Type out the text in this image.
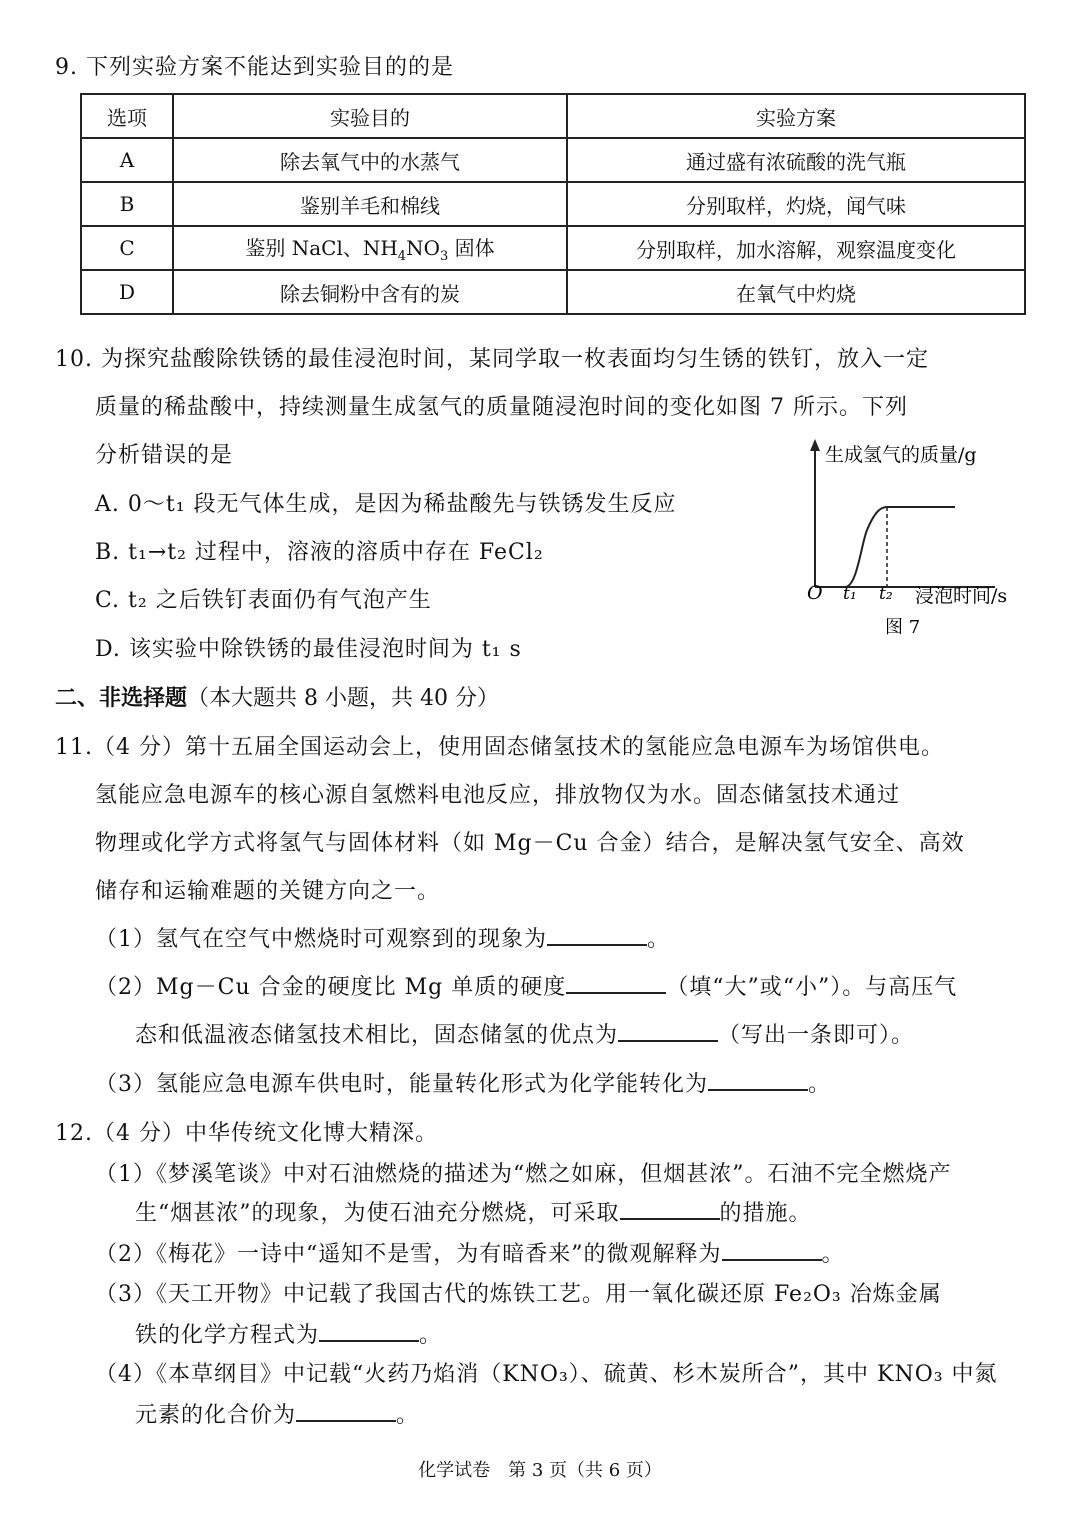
9. 下列实验方案不能达到实验目的的是
选项	实验目的	实验方案
A	除去氧气中的水蒸气	通过盛有浓硫酸的洗气瓶
B	鉴别羊毛和棉线	分别取样，灼烧，闻气味
C	鉴别 NaCl、$NH_4NO_3$ 固体	分别取样，加水溶解，观察温度变化
D	除去铜粉中含有的炭	在氧气中灼烧
10. 为探究盐酸除铁锈的最佳浸泡时间，某同学取一枚表面均匀生锈的铁钉，放入一定
质量的稀盐酸中，持续测量生成氢气的质量随浸泡时间的变化如图 7 所示。下列
分析错误的是
A. 0～t₁ 段无气体生成，是因为稀盐酸先与铁锈发生反应
B. t₁→t₂ 过程中，溶液的溶质中存在 FeCl₂
C. t₂ 之后铁钉表面仍有气泡产生
D. 该实验中除铁锈的最佳浸泡时间为 t₁ s
生成氢气的质量/g
O t₁ t₂ 浸泡时间/s
图 7
二、非选择题（本大题共 8 小题，共 40 分）
11.（4 分）第十五届全国运动会上，使用固态储氢技术的氢能应急电源车为场馆供电。
氢能应急电源车的核心源自氢燃料电池反应，排放物仅为水。固态储氢技术通过
物理或化学方式将氢气与固体材料（如 Mg－Cu 合金）结合，是解决氢气安全、高效
储存和运输难题的关键方向之一。
（1）氢气在空气中燃烧时可观察到的现象为	。
（2）Mg－Cu 合金的硬度比 Mg 单质的硬度	（填“大”或“小”）。与高压气
态和低温液态储氢技术相比，固态储氢的优点为	（写出一条即可）。
（3）氢能应急电源车供电时，能量转化形式为化学能转化为	。
12.（4 分）中华传统文化博大精深。
（1）《梦溪笔谈》中对石油燃烧的描述为“燃之如麻，但烟甚浓”。石油不完全燃烧产
生“烟甚浓”的现象，为使石油充分燃烧，可采取	的措施。
（2）《梅花》一诗中“遥知不是雪，为有暗香来”的微观解释为	。
（3）《天工开物》中记载了我国古代的炼铁工艺。用一氧化碳还原 Fe₂O₃ 冶炼金属
铁的化学方程式为	。
（4）《本草纲目》中记载“火药乃焰消（KNO₃）、硫黄、杉木炭所合”，其中 KNO₃ 中氮
元素的化合价为	。
化学试卷　第 3 页（共 6 页）
